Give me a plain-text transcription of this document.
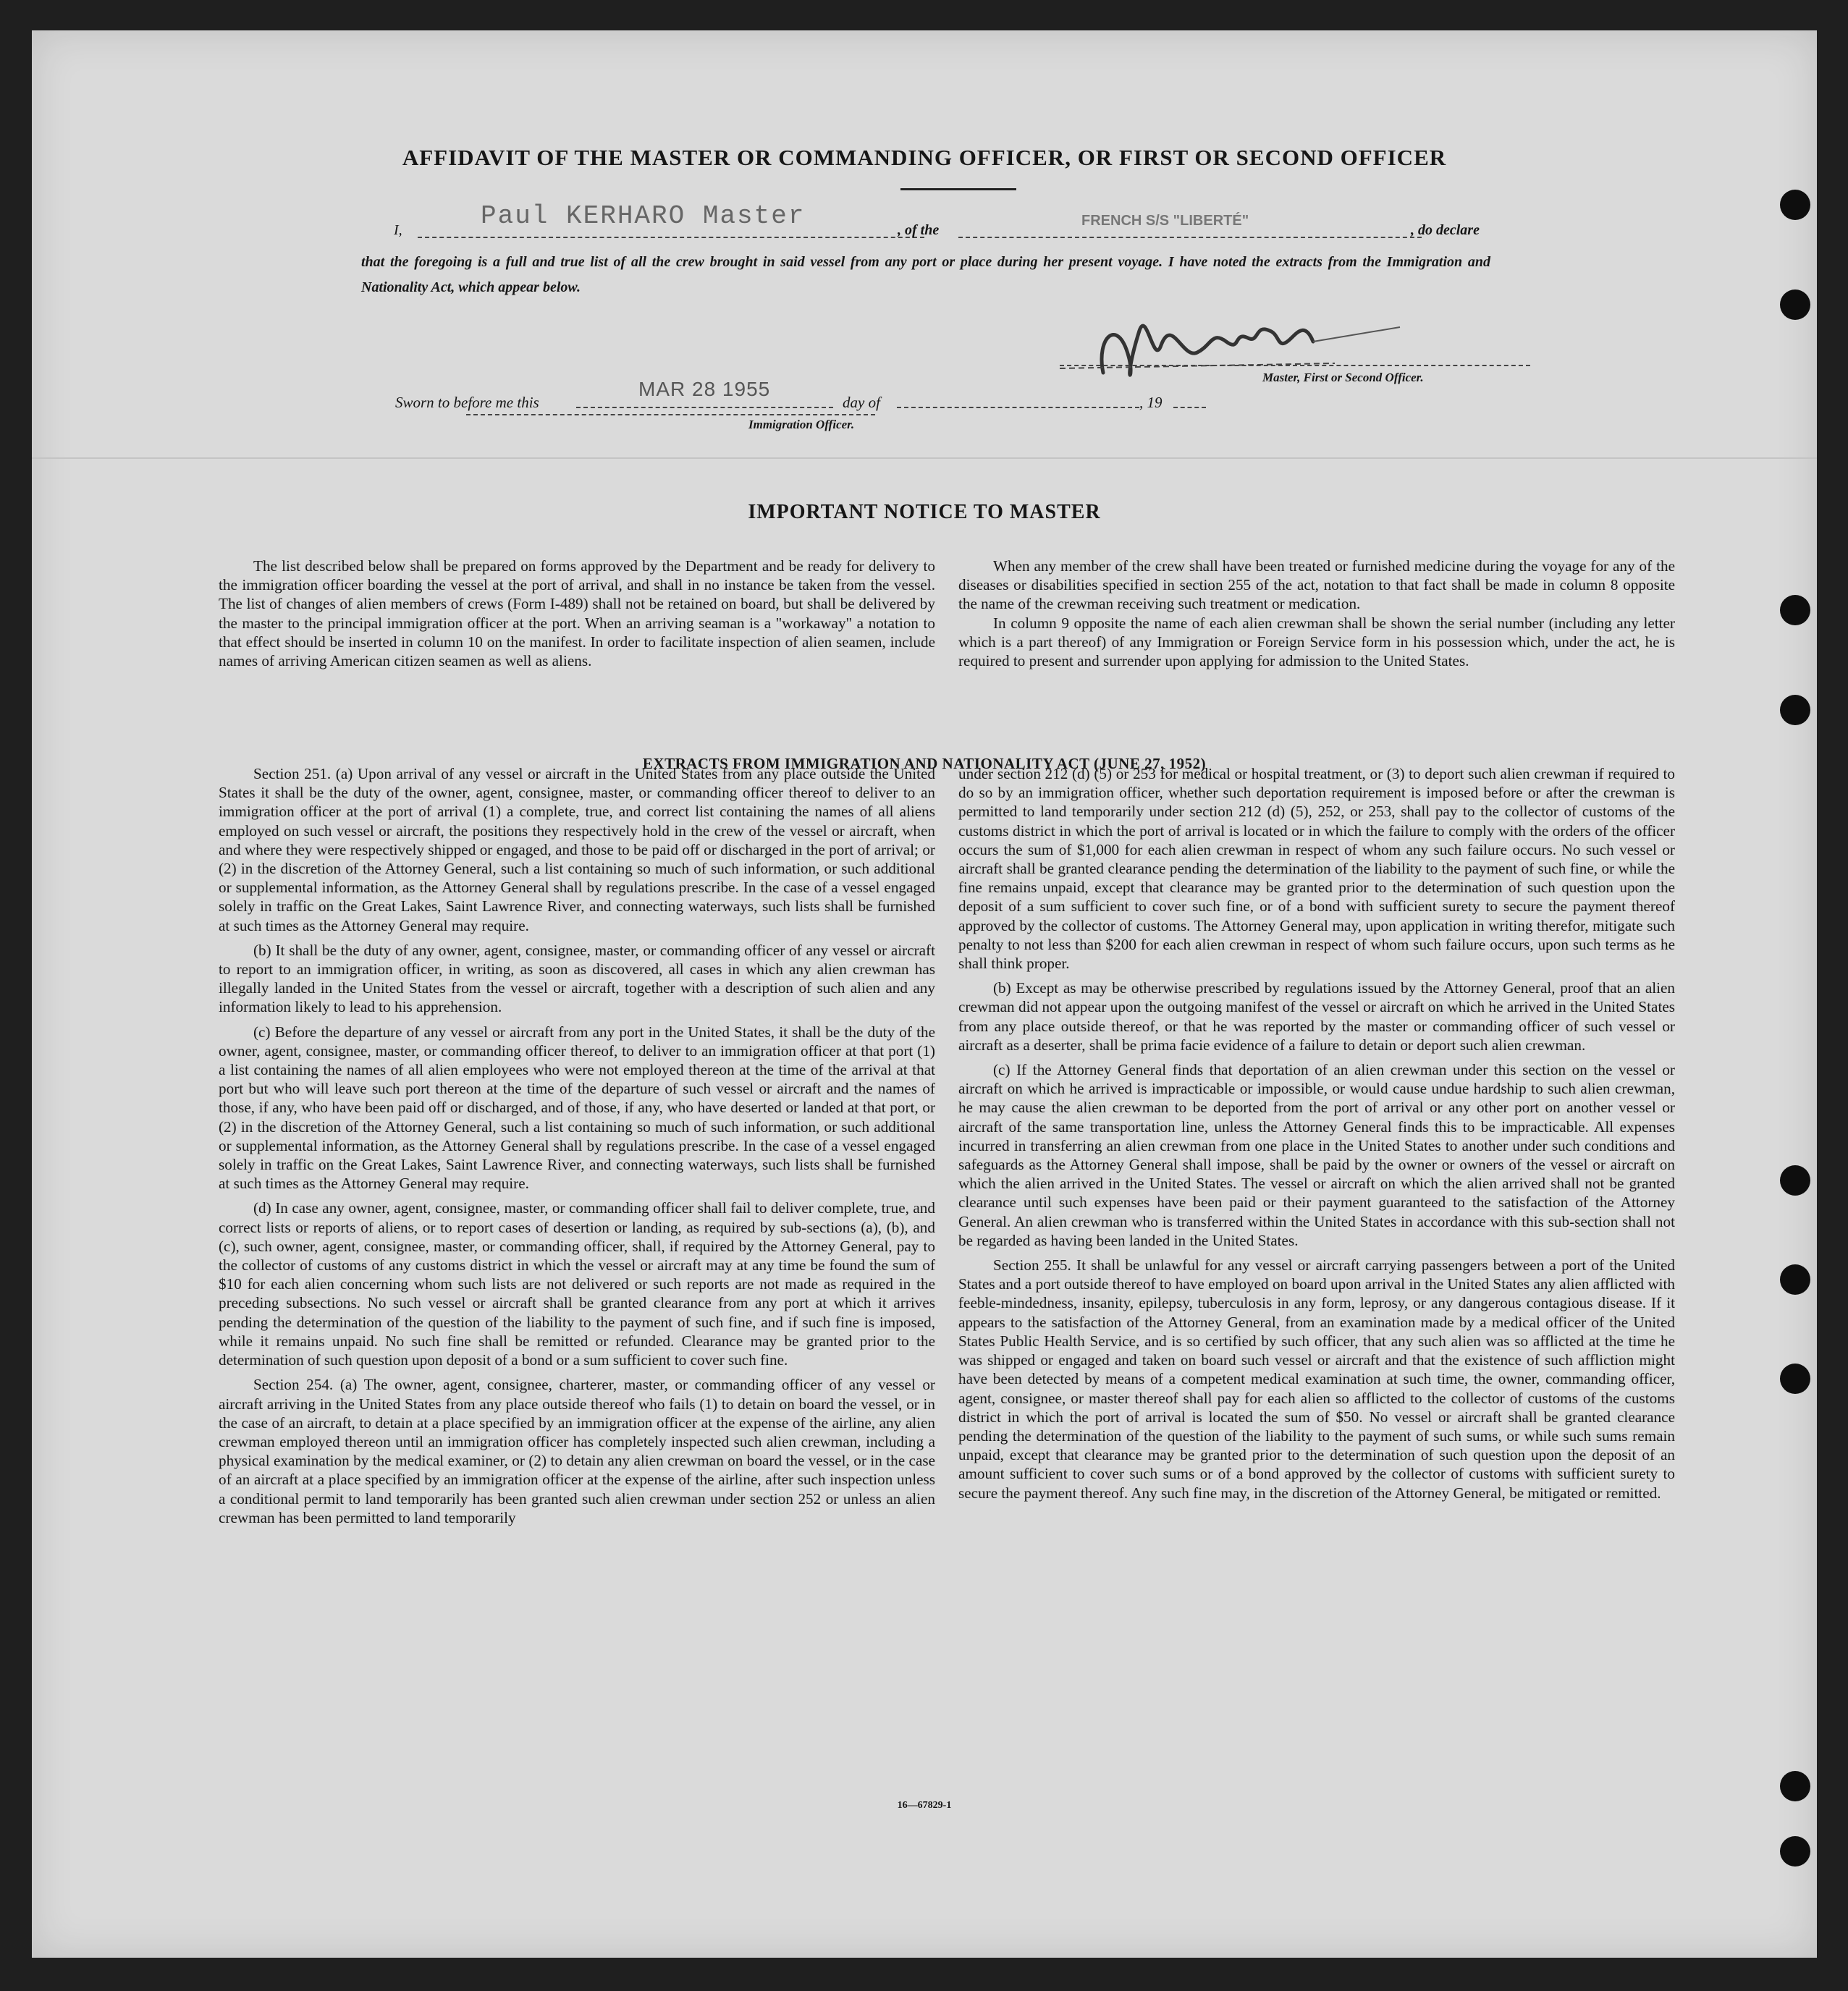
AFFIDAVIT OF THE MASTER OR COMMANDING OFFICER, OR FIRST OR SECOND OFFICER
I,	Paul KERHARO Master	, of the
FRENCH S/S "LIBERTÉ"
, do declare
that the foregoing is a full and true list of all the crew brought in said vessel from any port or place during her present voyage. I have noted the extracts from the Immigration and Nationality Act, which appear below.
Master, First or Second Officer.
Sworn to before me this
MAR 28 1955
day of	, 19
Immigration Officer.
IMPORTANT NOTICE TO MASTER

The list described below shall be prepared on forms approved by the Department and be ready for delivery to the immigration officer boarding the vessel at the port of arrival, and shall in no instance be taken from the vessel. The list of changes of alien members of crews (Form I-489) shall not be retained on board, but shall be delivered by the master to the principal immigration officer at the port. When an arriving seaman is a "workaway" a notation to that effect should be inserted in column 10 on the manifest. In order to facilitate inspection of alien seamen, include names of arriving American citizen seamen as well as aliens.

When any member of the crew shall have been treated or furnished medicine during the voyage for any of the diseases or disabilities specified in section 255 of the act, notation to that fact shall be made in column 8 opposite the name of the crewman receiving such treatment or medication.

In column 9 opposite the name of each alien crewman shall be shown the serial number (including any letter which is a part thereof) of any Immigration or Foreign Service form in his possession which, under the act, he is required to present and surrender upon applying for admission to the United States.

EXTRACTS FROM IMMIGRATION AND NATIONALITY ACT (JUNE 27, 1952)

Section 251. (a) Upon arrival of any vessel or aircraft in the United States from any place outside the United States it shall be the duty of the owner, agent, consignee, master, or commanding officer thereof to deliver to an immigration officer at the port of arrival (1) a complete, true, and correct list containing the names of all aliens employed on such vessel or aircraft, the positions they respectively hold in the crew of the vessel or aircraft, when and where they were respectively shipped or engaged, and those to be paid off or discharged in the port of arrival; or (2) in the discretion of the Attorney General, such a list containing so much of such information, or such additional or supplemental information, as the Attorney General shall by regulations prescribe. In the case of a vessel engaged solely in traffic on the Great Lakes, Saint Lawrence River, and connecting waterways, such lists shall be furnished at such times as the Attorney General may require.

(b) It shall be the duty of any owner, agent, consignee, master, or commanding officer of any vessel or aircraft to report to an immigration officer, in writing, as soon as discovered, all cases in which any alien crewman has illegally landed in the United States from the vessel or aircraft, together with a description of such alien and any information likely to lead to his apprehension.

(c) Before the departure of any vessel or aircraft from any port in the United States, it shall be the duty of the owner, agent, consignee, master, or commanding officer thereof, to deliver to an immigration officer at that port (1) a list containing the names of all alien employees who were not employed thereon at the time of the arrival at that port but who will leave such port thereon at the time of the departure of such vessel or aircraft and the names of those, if any, who have been paid off or discharged, and of those, if any, who have deserted or landed at that port, or (2) in the discretion of the Attorney General, such a list containing so much of such information, or such additional or supplemental information, as the Attorney General shall by regulations prescribe. In the case of a vessel engaged solely in traffic on the Great Lakes, Saint Lawrence River, and connecting waterways, such lists shall be furnished at such times as the Attorney General may require.

(d) In case any owner, agent, consignee, master, or commanding officer shall fail to deliver complete, true, and correct lists or reports of aliens, or to report cases of desertion or landing, as required by sub-sections (a), (b), and (c), such owner, agent, consignee, master, or commanding officer, shall, if required by the Attorney General, pay to the collector of customs of any customs district in which the vessel or aircraft may at any time be found the sum of $10 for each alien concerning whom such lists are not delivered or such reports are not made as required in the preceding subsections. No such vessel or aircraft shall be granted clearance from any port at which it arrives pending the determination of the question of the liability to the payment of such fine, and if such fine is imposed, while it remains unpaid. No such fine shall be remitted or refunded. Clearance may be granted prior to the determination of such question upon deposit of a bond or a sum sufficient to cover such fine.

Section 254. (a) The owner, agent, consignee, charterer, master, or commanding officer of any vessel or aircraft arriving in the United States from any place outside thereof who fails (1) to detain on board the vessel, or in the case of an aircraft, to detain at a place specified by an immigration officer at the expense of the airline, any alien crewman employed thereon until an immigration officer has completely inspected such alien crewman, including a physical examination by the medical examiner, or (2) to detain any alien crewman on board the vessel, or in the case of an aircraft at a place specified by an immigration officer at the expense of the airline, after such inspection unless a conditional permit to land temporarily has been granted such alien crewman under section 252 or unless an alien crewman has been permitted to land temporarily

under section 212 (d) (5) or 253 for medical or hospital treatment, or (3) to deport such alien crewman if required to do so by an immigration officer, whether such deportation requirement is imposed before or after the crewman is permitted to land temporarily under section 212 (d) (5), 252, or 253, shall pay to the collector of customs of the customs district in which the port of arrival is located or in which the failure to comply with the orders of the officer occurs the sum of $1,000 for each alien crewman in respect of whom any such failure occurs. No such vessel or aircraft shall be granted clearance pending the determination of the liability to the payment of such fine, or while the fine remains unpaid, except that clearance may be granted prior to the determination of such question upon the deposit of a sum sufficient to cover such fine, or of a bond with sufficient surety to secure the payment thereof approved by the collector of customs. The Attorney General may, upon application in writing therefor, mitigate such penalty to not less than $200 for each alien crewman in respect of whom such failure occurs, upon such terms as he shall think proper.

(b) Except as may be otherwise prescribed by regulations issued by the Attorney General, proof that an alien crewman did not appear upon the outgoing manifest of the vessel or aircraft on which he arrived in the United States from any place outside thereof, or that he was reported by the master or commanding officer of such vessel or aircraft as a deserter, shall be prima facie evidence of a failure to detain or deport such alien crewman.

(c) If the Attorney General finds that deportation of an alien crewman under this section on the vessel or aircraft on which he arrived is impracticable or impossible, or would cause undue hardship to such alien crewman, he may cause the alien crewman to be deported from the port of arrival or any other port on another vessel or aircraft of the same transportation line, unless the Attorney General finds this to be impracticable. All expenses incurred in transferring an alien crewman from one place in the United States to another under such conditions and safeguards as the Attorney General shall impose, shall be paid by the owner or owners of the vessel or aircraft on which the alien arrived in the United States. The vessel or aircraft on which the alien arrived shall not be granted clearance until such expenses have been paid or their payment guaranteed to the satisfaction of the Attorney General. An alien crewman who is transferred within the United States in accordance with this sub-section shall not be regarded as having been landed in the United States.

Section 255. It shall be unlawful for any vessel or aircraft carrying passengers between a port of the United States and a port outside thereof to have employed on board upon arrival in the United States any alien afflicted with feeble-mindedness, insanity, epilepsy, tuberculosis in any form, leprosy, or any dangerous contagious disease. If it appears to the satisfaction of the Attorney General, from an examination made by a medical officer of the United States Public Health Service, and is so certified by such officer, that any such alien was so afflicted at the time he was shipped or engaged and taken on board such vessel or aircraft and that the existence of such affliction might have been detected by means of a competent medical examination at such time, the owner, commanding officer, agent, consignee, or master thereof shall pay for each alien so afflicted to the collector of customs of the customs district in which the port of arrival is located the sum of $50. No vessel or aircraft shall be granted clearance pending the determination of the question of the liability to the payment of such sums, or while such sums remain unpaid, except that clearance may be granted prior to the determination of such question upon the deposit of an amount sufficient to cover such sums or of a bond approved by the collector of customs with sufficient surety to secure the payment thereof. Any such fine may, in the discretion of the Attorney General, be mitigated or remitted.

16—67829-1
